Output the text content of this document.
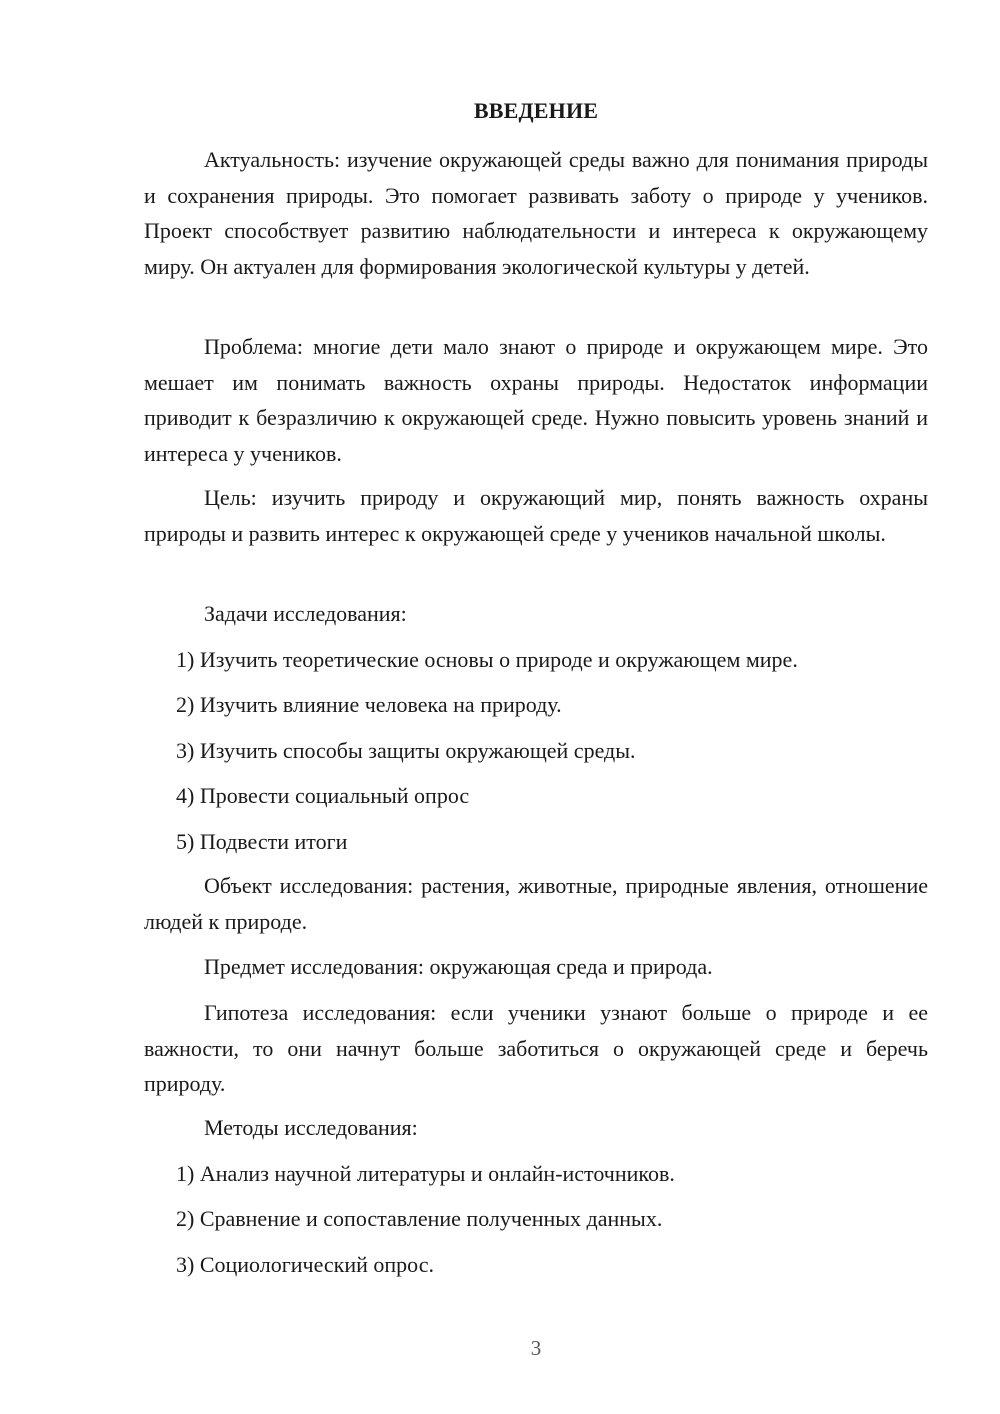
ВВЕДЕНИЕ

Актуальность: изучение окружающей среды важно для понимания природы и сохранения природы. Это помогает развивать заботу о природе у учеников. Проект способствует развитию наблюдательности и интереса к окружающему миру. Он актуален для формирования экологической культуры у детей.

Проблема: многие дети мало знают о природе и окружающем мире. Это мешает им понимать важность охраны природы. Недостаток информации приводит к безразличию к окружающей среде. Нужно повысить уровень знаний и интереса у учеников.

Цель: изучить природу и окружающий мир, понять важность охраны природы и развить интерес к окружающей среде у учеников начальной школы.

Задачи исследования:

1) Изучить теоретические основы о природе и окружающем мире.

2) Изучить влияние человека на природу.

3) Изучить способы защиты окружающей среды.

4) Провести социальный опрос

5) Подвести итоги

Объект исследования: растения, животные, природные явления, отношение людей к природе.

Предмет исследования: окружающая среда и природа.

Гипотеза исследования: если ученики узнают больше о природе и ее важности, то они начнут больше заботиться о окружающей среде и беречь природу.

Методы исследования:

1) Анализ научной литературы и онлайн-источников.

2) Сравнение и сопоставление полученных данных.

3) Социологический опрос.

3
